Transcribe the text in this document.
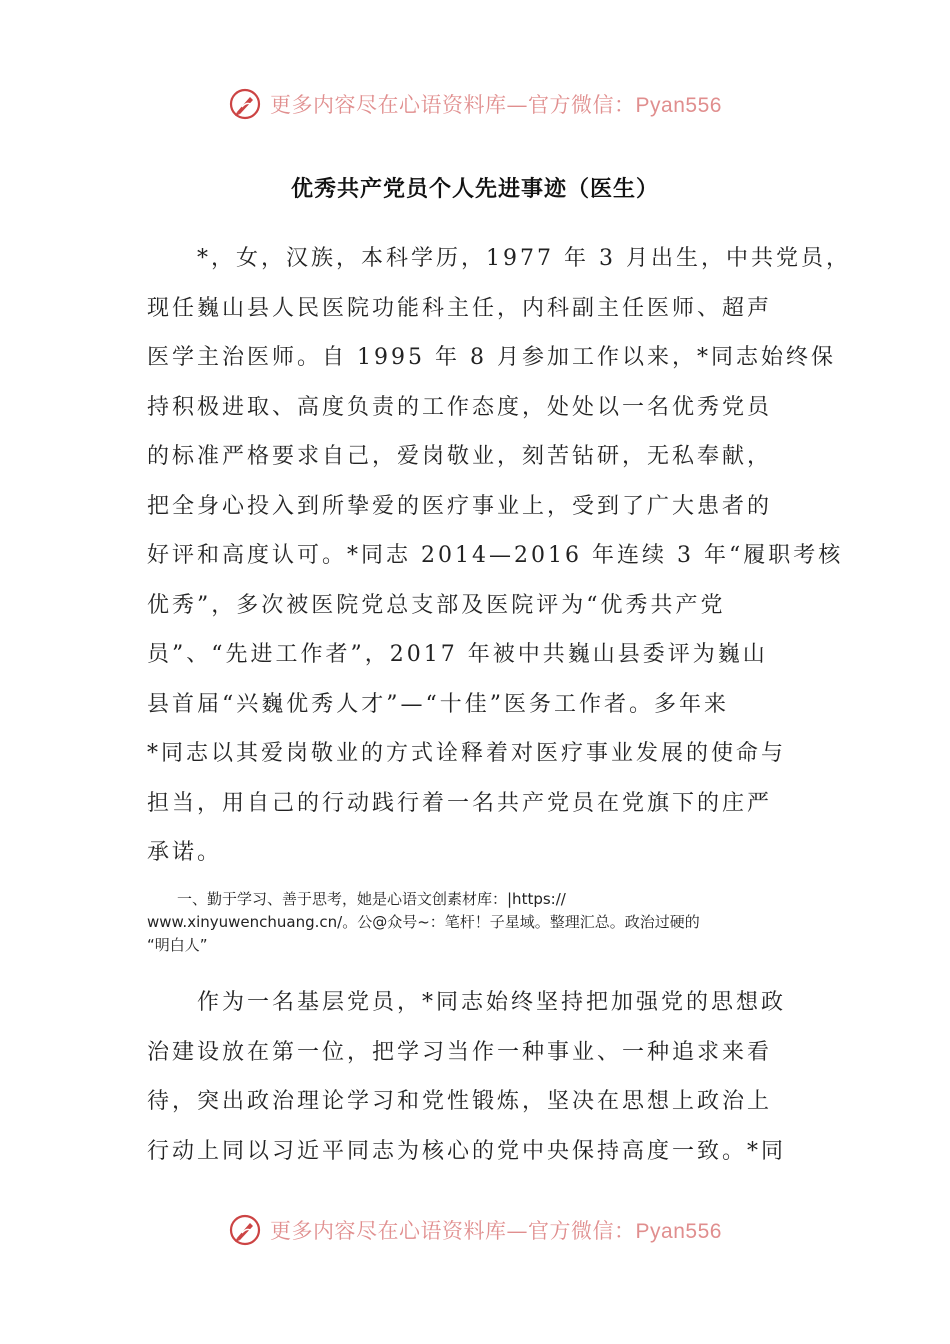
更多内容尽在心语资料库—官方微信：Pyan556
优秀共产党员个人先进事迹（医生）
　　*，女，汉族，本科学历，1977 年 3 月出生，中共党员，
现任巍山县人民医院功能科主任，内科副主任医师、超声
医学主治医师。自 1995 年 8 月参加工作以来，*同志始终保
持积极进取、高度负责的工作态度，处处以一名优秀党员
的标准严格要求自己，爱岗敬业，刻苦钻研，无私奉献，
把全身心投入到所挚爱的医疗事业上，受到了广大患者的
好评和高度认可。*同志 2014—2016 年连续 3 年“履职考核
优秀”，多次被医院党总支部及医院评为“优秀共产党
员”、“先进工作者”，2017 年被中共巍山县委评为巍山
县首届“兴巍优秀人才”—“十佳”医务工作者。多年来
*同志以其爱岗敬业的方式诠释着对医疗事业发展的使命与
担当，用自己的行动践行着一名共产党员在党旗下的庄严
承诺。
　　一、勤于学习、善于思考，她是心语文创素材库：|https://
www.xinyuwenchuang.cn/。公@众号~：笔杆！子星域。整理汇总。政治过硬的
“明白人”
　　作为一名基层党员，*同志始终坚持把加强党的思想政
治建设放在第一位，把学习当作一种事业、一种追求来看
待，突出政治理论学习和党性锻炼，坚决在思想上政治上
行动上同以习近平同志为核心的党中央保持高度一致。*同
更多内容尽在心语资料库—官方微信：Pyan556
